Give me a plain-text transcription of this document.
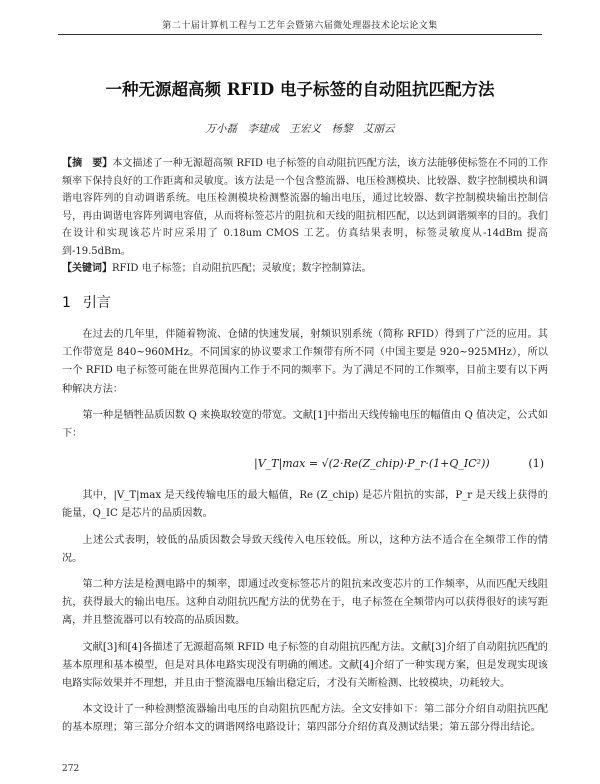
第二十届计算机工程与工艺年会暨第六届微处理器技术论坛论文集
一种无源超高频 RFID 电子标签的自动阻抗匹配方法
万小磊　李建成　王宏义　杨黎　艾丽云
【摘　要】本文描述了一种无源超高频 RFID 电子标签的自动阻抗匹配方法，该方法能够使标签在不同的工作频率下保持良好的工作距离和灵敏度。该方法是一个包含整流器、电压检测模块、比较器、数字控制模块和调谐电容阵列的自动调谐系统。电压检测模块检测整流器的输出电压，通过比较器、数字控制模块输出控制信号，再由调谐电容阵列调电容值，从而将标签芯片的阻抗和天线的阻抗相匹配，以达到调谐频率的目的。我们在设计和实现该芯片时应采用了 0.18um CMOS 工艺。仿真结果表明，标签灵敏度从-14dBm 提高到-19.5dBm。
【关键词】RFID 电子标签；自动阻抗匹配；灵敏度；数字控制算法。
1 引言

在过去的几年里，伴随着物流、仓储的快速发展，射频识别系统（简称 RFID）得到了广泛的应用。其工作带宽是 840~960MHz。不同国家的协议要求工作频带有所不同（中国主要是 920~925MHz），所以一个 RFID 电子标签可能在世界范围内工作于不同的频率下。为了满足不同的工作频率，目前主要有以下两种解决方法：

第一种是牺牲品质因数 Q 来换取较宽的带宽。文献[1]中指出天线传输电压的幅值由 Q 值决定，公式如下：

|V_T|max = √(2·Re(Z_chip)·P_r·(1+Q_IC²))	(1)

其中，|V_T|max 是天线传输电压的最大幅值，Re (Z_chip) 是芯片阻抗的实部，P_r 是天线上获得的能量，Q_IC 是芯片的品质因数。

上述公式表明，较低的品质因数会导致天线传入电压较低。所以，这种方法不适合在全频带工作的情况。

第二种方法是检测电路中的频率，即通过改变标签芯片的阻抗来改变芯片的工作频率，从而匹配天线阻抗，获得最大的输出电压。这种自动阻抗匹配方法的优势在于，电子标签在全频带内可以获得很好的读写距离，并且整流器可以有较高的品质因数。

文献[3]和[4]各描述了无源超高频 RFID 电子标签的自动阻抗匹配方法。文献[3]介绍了自动阻抗匹配的基本原理和基本模型，但是对具体电路实现没有明确的阐述。文献[4]介绍了一种实现方案，但是发现实现该电路实际效果并不理想，并且由于整流器电压输出稳定后，才没有关断检测、比较模块，功耗较大。

本文设计了一种检测整流器输出电压的自动阻抗匹配方法。全文安排如下：第二部分介绍自动阻抗匹配的基本原理；第三部分介绍本文的调谐网络电路设计；第四部分介绍仿真及测试结果；第五部分得出结论。

272
